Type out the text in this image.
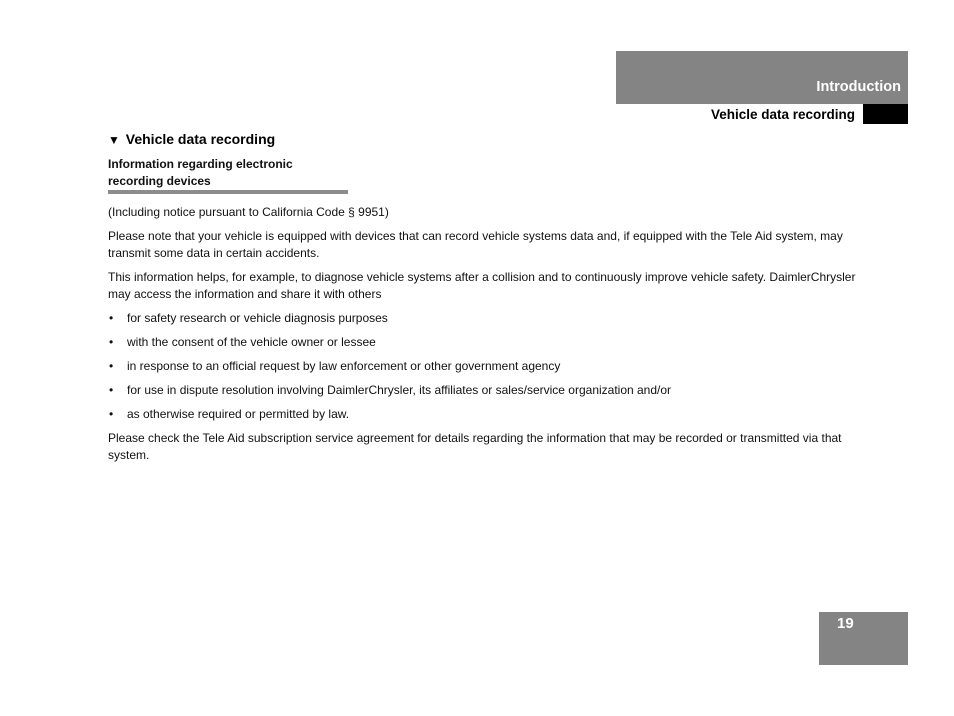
Introduction
Vehicle data recording
▼ Vehicle data recording
Information regarding electronic
recording devices

(Including notice pursuant to California Code § 9951)

Please note that your vehicle is equipped with devices that can record vehicle systems data and, if equipped with the Tele Aid system, may transmit some data in certain accidents.

This information helps, for example, to diagnose vehicle systems after a collision and to continuously improve vehicle safety. DaimlerChrysler may access the information and share it with others

• for safety research or vehicle diagnosis purposes
• with the consent of the vehicle owner or lessee
• in response to an official request by law enforcement or other government agency
• for use in dispute resolution involving DaimlerChrysler, its affiliates or sales/service organization and/or
• as otherwise required or permitted by law.

Please check the Tele Aid subscription service agreement for details regarding the information that may be recorded or transmitted via that system.

19
